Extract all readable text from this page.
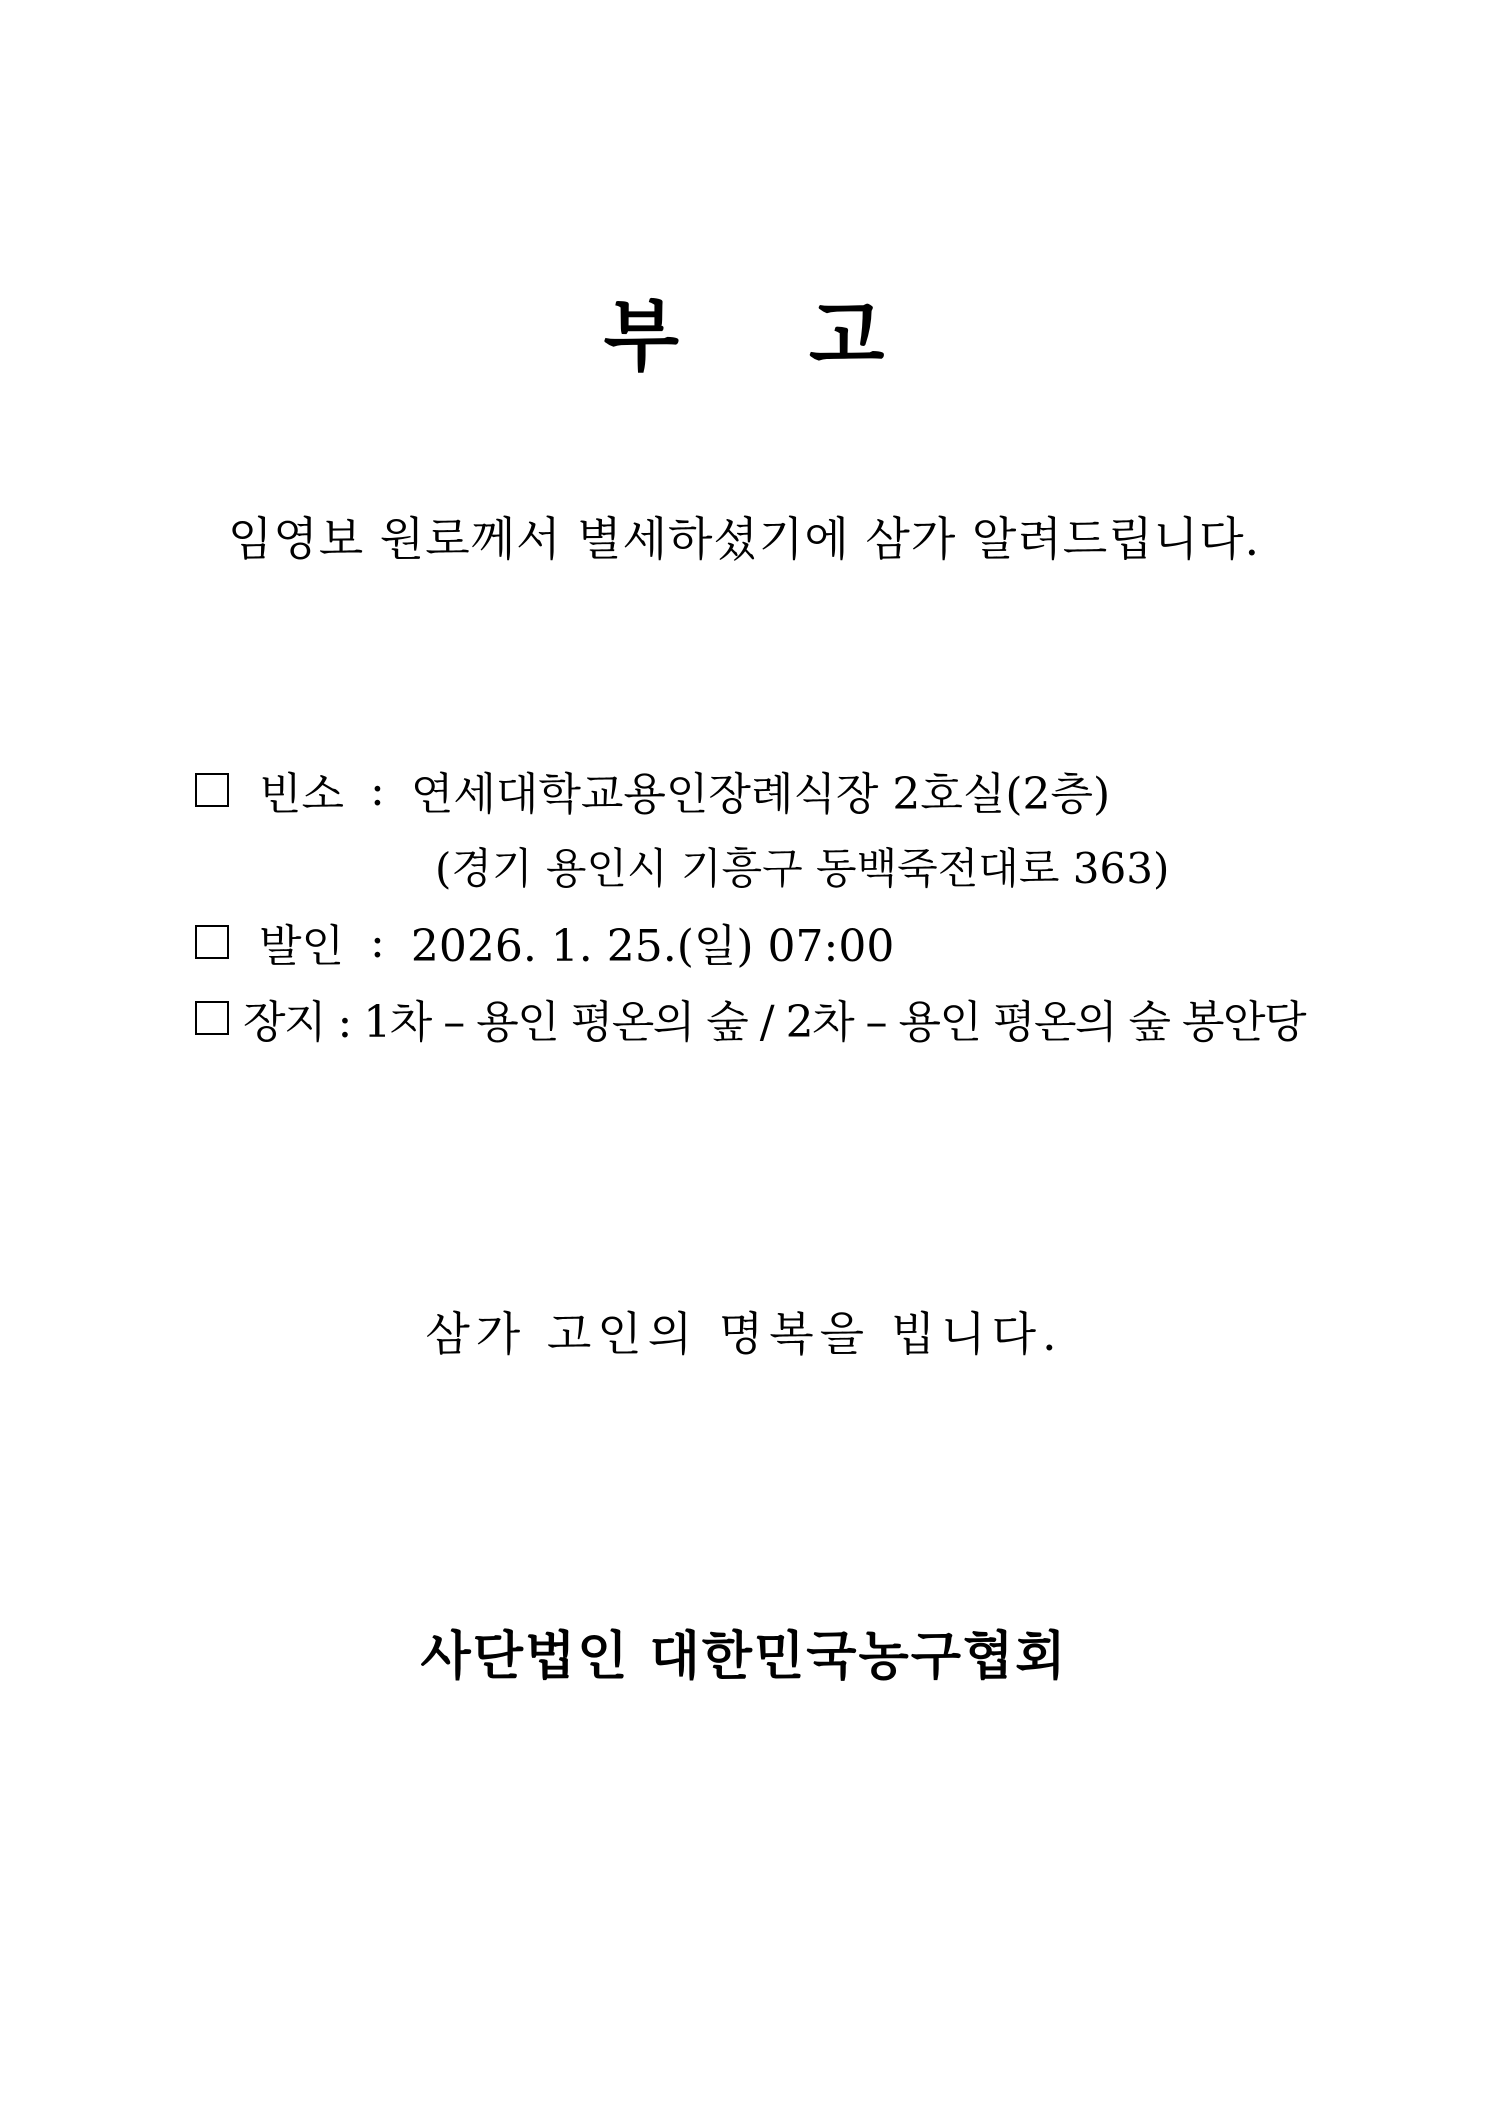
부 고
임영보 원로께서 별세하셨기에 삼가 알려드립니다.
빈소 : 연세대학교용인장례식장 2호실(2층)
(경기 용인시 기흥구 동백죽전대로 363)
발인 : 2026. 1. 25.(일) 07:00
장지 : 1차 – 용인 평온의 숲 / 2차 – 용인 평온의 숲 봉안당
삼가 고인의 명복을 빕니다.
사단법인 대한민국농구협회
